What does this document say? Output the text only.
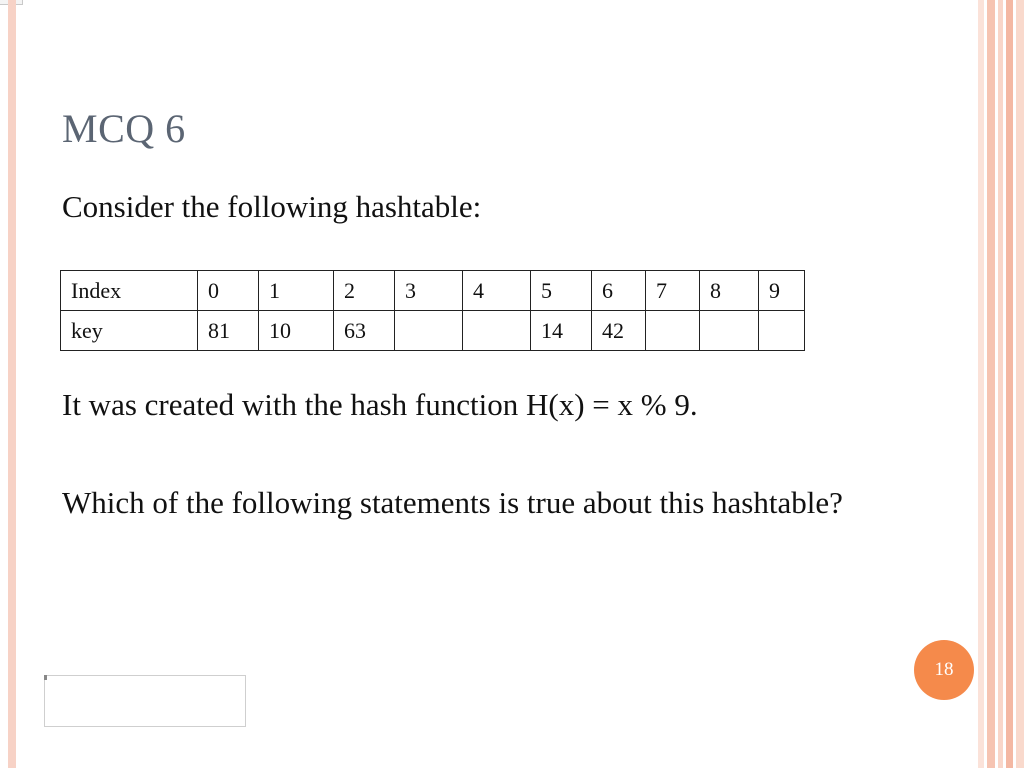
MCQ 6

Consider the following hashtable:

Index	0	1	2	3	4	5	6	7	8	9
key	81	10	63			14	42			

It was created with the hash function H(x) = x % 9.

Which of the following statements is true about this hashtable?

18
